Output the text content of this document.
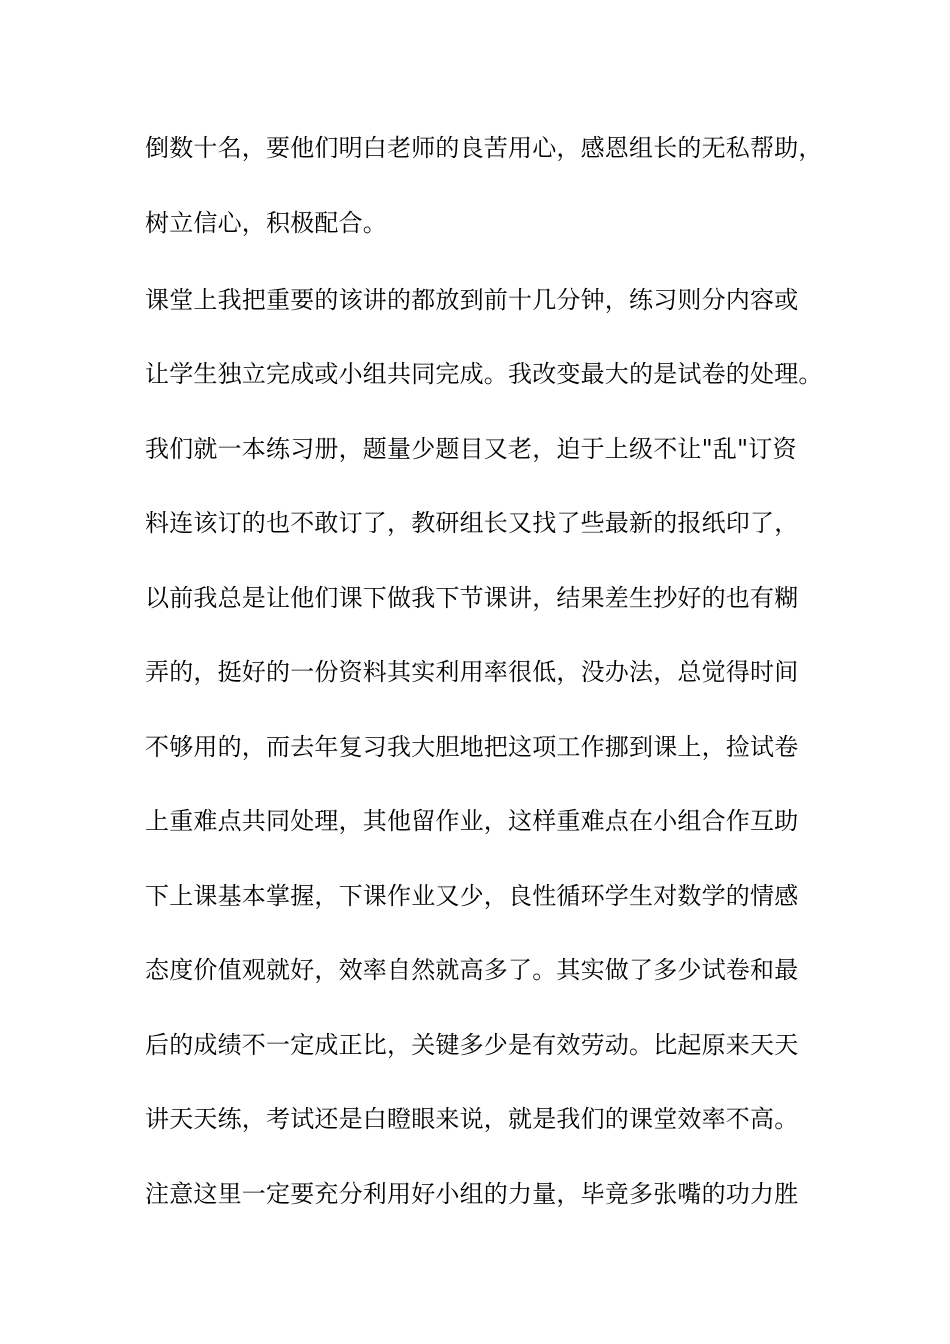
倒数十名，要他们明白老师的良苦用心，感恩组长的无私帮助，
树立信心，积极配合。
课堂上我把重要的该讲的都放到前十几分钟，练习则分内容或
让学生独立完成或小组共同完成。我改变最大的是试卷的处理。
我们就一本练习册，题量少题目又老，迫于上级不让"乱"订资
料连该订的也不敢订了，教研组长又找了些最新的报纸印了，
以前我总是让他们课下做我下节课讲，结果差生抄好的也有糊
弄的，挺好的一份资料其实利用率很低，没办法，总觉得时间
不够用的，而去年复习我大胆地把这项工作挪到课上，捡试卷
上重难点共同处理，其他留作业，这样重难点在小组合作互助
下上课基本掌握，下课作业又少，良性循环学生对数学的情感
态度价值观就好，效率自然就高多了。其实做了多少试卷和最
后的成绩不一定成正比，关键多少是有效劳动。比起原来天天
讲天天练，考试还是白瞪眼来说，就是我们的课堂效率不高。
注意这里一定要充分利用好小组的力量，毕竟多张嘴的功力胜
